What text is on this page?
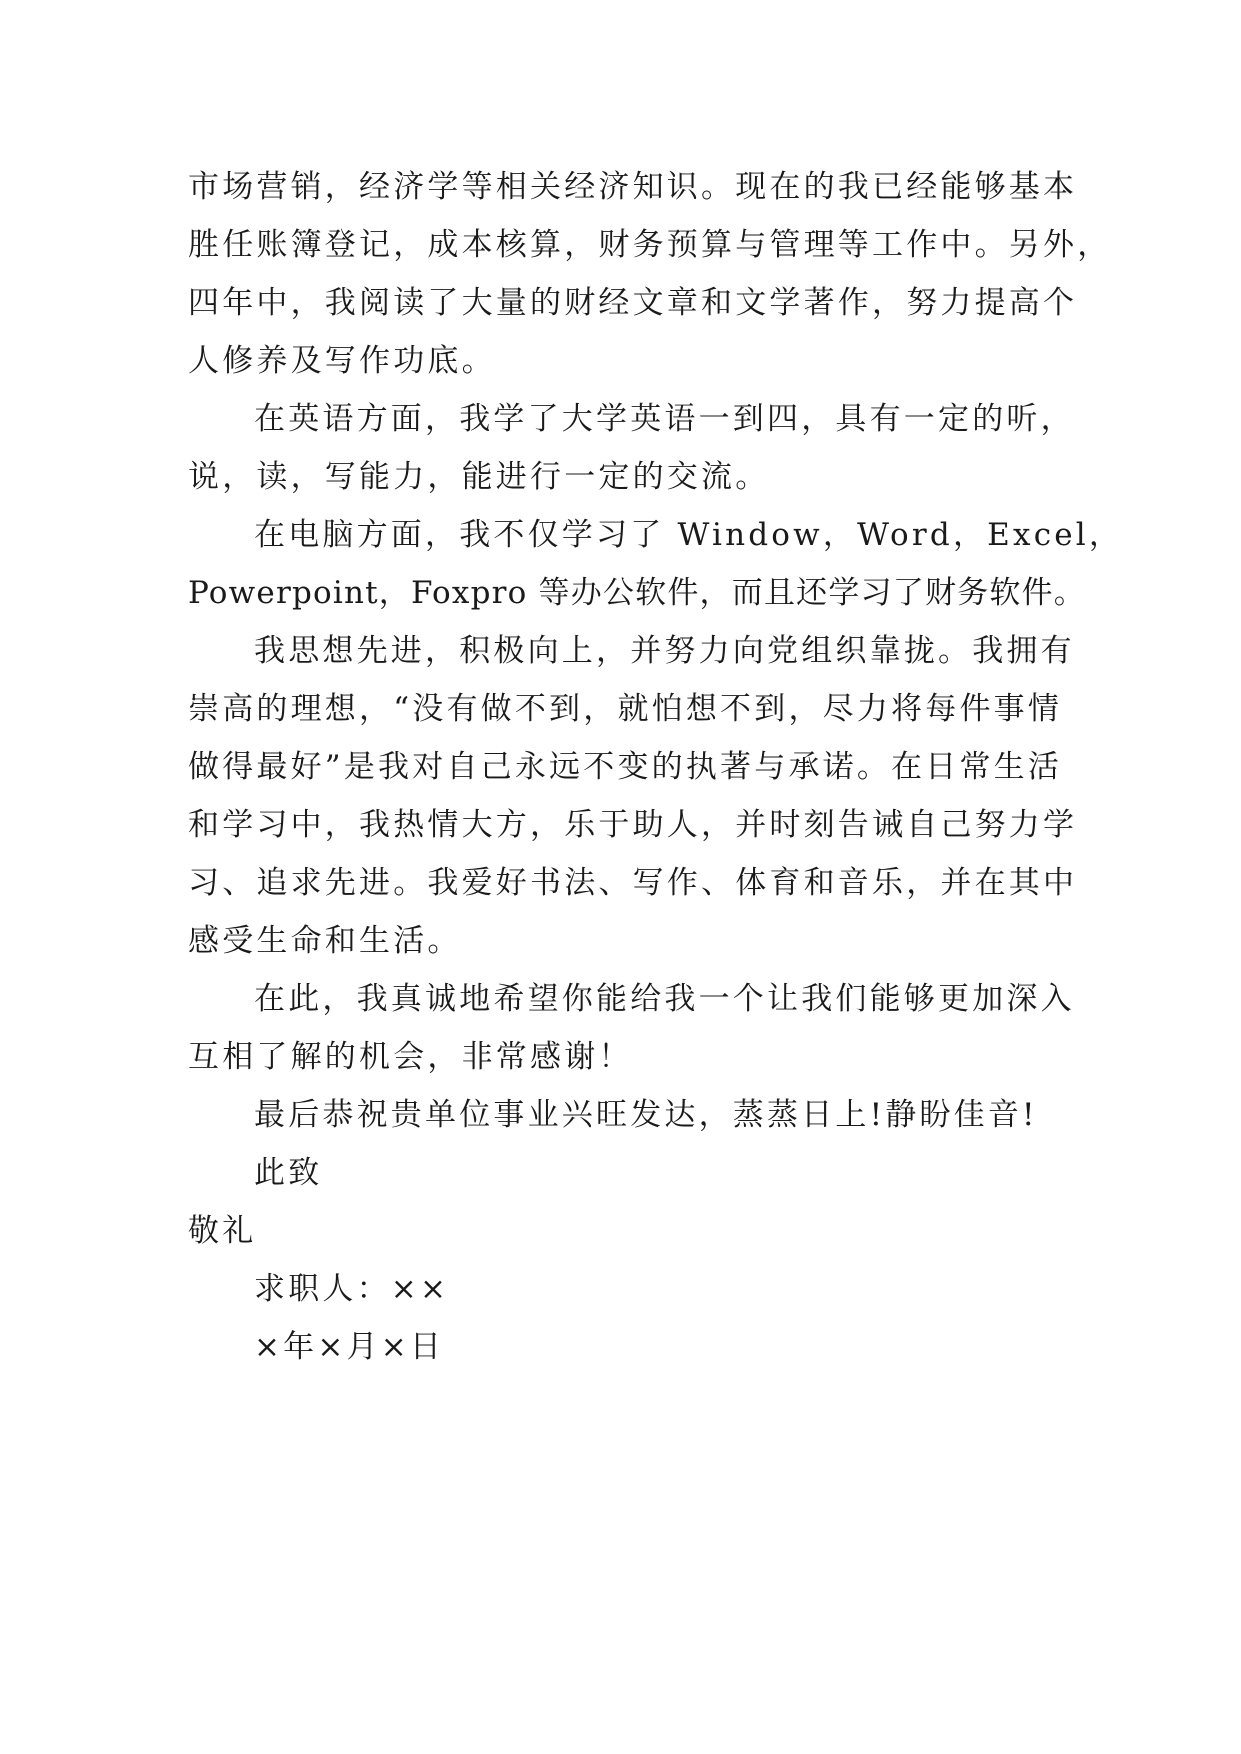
市场营销，经济学等相关经济知识。现在的我已经能够基本
胜任账簿登记，成本核算，财务预算与管理等工作中。另外，
四年中，我阅读了大量的财经文章和文学著作，努力提高个
人修养及写作功底。
在英语方面，我学了大学英语一到四，具有一定的听，
说，读，写能力，能进行一定的交流。
在电脑方面，我不仅学习了 Window，Word，Excel，
Powerpoint，Foxpro 等办公软件，而且还学习了财务软件。
我思想先进，积极向上，并努力向党组织靠拢。我拥有
崇高的理想，“没有做不到，就怕想不到，尽力将每件事情
做得最好”是我对自己永远不变的执著与承诺。在日常生活
和学习中，我热情大方，乐于助人，并时刻告诫自己努力学
习、追求先进。我爱好书法、写作、体育和音乐，并在其中
感受生命和生活。
在此，我真诚地希望你能给我一个让我们能够更加深入
互相了解的机会，非常感谢！
最后恭祝贵单位事业兴旺发达，蒸蒸日上!静盼佳音!
此致
敬礼
求职人：××
×年×月×日
